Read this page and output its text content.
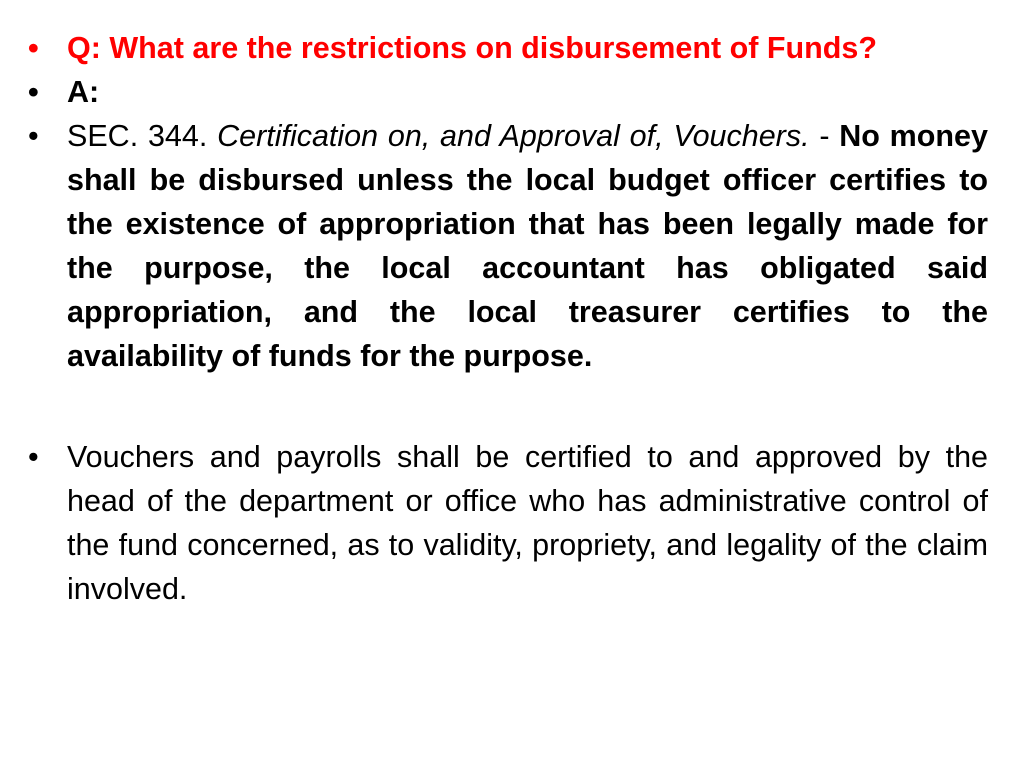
• Q: What are the restrictions on disbursement of Funds?
• A:
• SEC. 344. Certification on, and Approval of, Vouchers. - No money shall be disbursed unless the local budget officer certifies to the existence of appropriation that has been legally made for the purpose, the local accountant has obligated said appropriation, and the local treasurer certifies to the availability of funds for the purpose.
• Vouchers and payrolls shall be certified to and approved by the head of the department or office who has administrative control of the fund concerned, as to validity, propriety, and legality of the claim involved.
